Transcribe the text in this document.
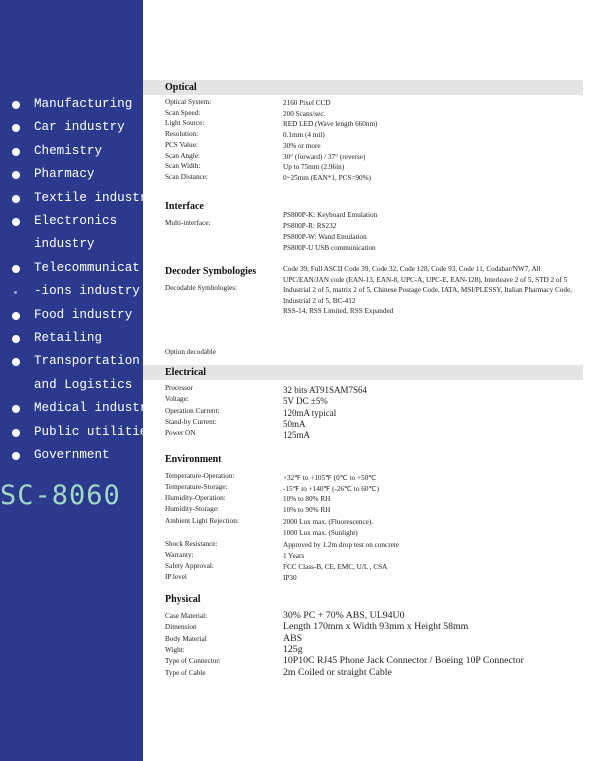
Manufacturing
Car industry
Chemistry
Pharmacy
Textile industry
Electronics
industry
Telecommunicat
-ions industry
Food industry
Retailing
Transportation
and Logistics
Medical industry
Public utilities
Government
SC-8060
Optical
Optical System:	2160 Pixel CCD
Scan Speed:	200 Scans/sec.
Light Source:	RED LED (Wave length 660nm)
Resolution:	0.1mm (4 mil)
PCS Value:	30% or more
Scan Angle:	30° (forward) / 37° (reverse)
Scan Width:	Up to 75mm (2.96in)
Scan Distance:	0~25mm (EAN*1, PCS=90%)
Interface
Multi-interface:
PS800P-K: Keyboard Emulation
PS800P-R: RS232
PS800P-W: Wand Emulation
PS800P-U USB communication
Decoder Symbologies
Decodable Symbologies:
Code 39, Full ASCII Code 39, Code 32, Code 128, Code 93, Code 11, Codabar/NW7, All UPC/EAN/JAN code (EAN-13, EAN-8, UPC-A, UPC-E, EAN-128), Interleave 2 of 5, STD 2 of 5 Industrial 2 of 5, matrix 2 of 5, Chinese Postage Code, IATA, MSI/PLESSY, Italian Pharmacy Code, Industrial 2 of 5, BC-412
RSS-14, RSS Limited, RSS Expanded
Option decodable
Electrical
Processor	32 bits AT91SAM7S64
Voltage:	5V DC ±5%
Operation Current:	120mA typical
Stand-by Current:	50mA
Power ON	125mA
Environment
Temperature-Operation:	+32℉ to +105℉ (0℃ to +50℃
Temperature-Storage:	-15℉ to +140℉ (-26℃ to 60℃)
Humidity-Operation:	10% to 80% RH
Humidity-Storage:	10% to 90% RH
Ambient Light Rejection:	2000 Lux max. (Fluorescence).
1000 Lux max. (Sunlight)
Shock Resistance:	Approved by 1.2m drop test on concrete
Warranty:	1 Years
Safety Approval:	FCC Class-B, CE, EMC, U/L , CSA
IP level	IP30
Physical
Case Material:	30% PC + 70% ABS, UL94U0
Dimension	Length 170mm x Width 93mm x Height 58mm
Body Material	ABS
Wight:	125g
Type of Connector:	10P10C RJ45 Phone Jack Connector / Boeing 10P Connector
Type of Cable	2m Coiled or straight Cable
